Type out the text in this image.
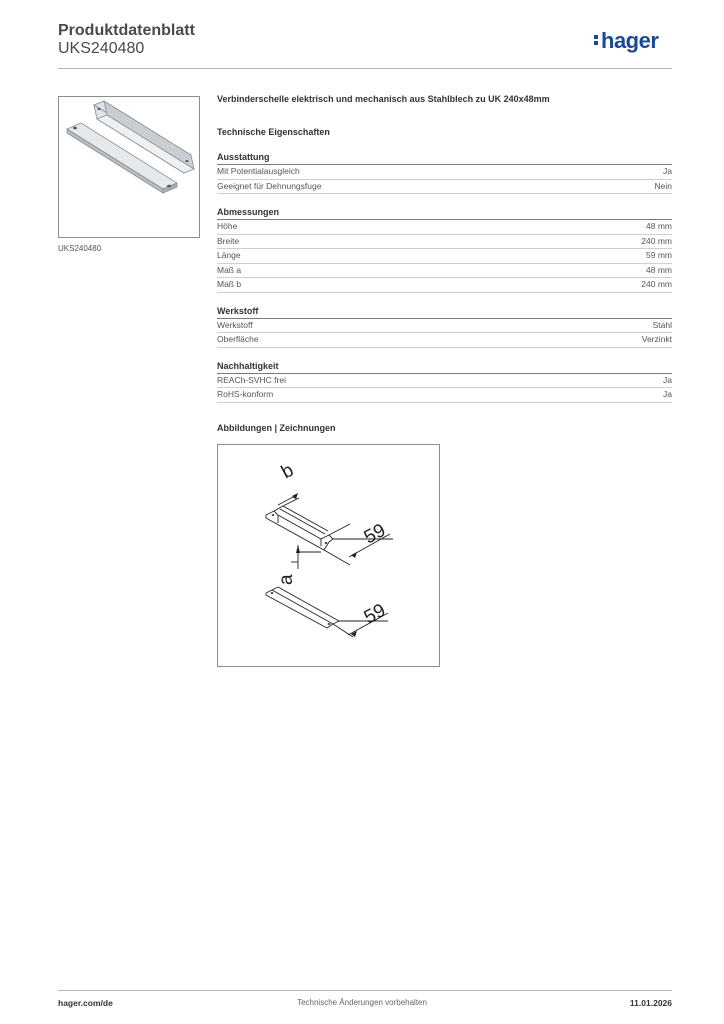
Produktdatenblatt
UKS240480	hager
UKS240480
Verbinderschelle elektrisch und mechanisch aus Stahlblech zu UK 240x48mm
Technische Eigenschaften
Ausstattung
Mit Potentialausgleich	Ja
Geeignet für Dehnungsfuge	Nein
Abmessungen
Höhe	48 mm
Breite	240 mm
Länge	59 mm
Maß a	48 mm
Maß b	240 mm
Werkstoff
Werkstoff	Stahl
Oberfläche	Verzinkt
Nachhaltigkeit
REACh-SVHC frei	Ja
RoHS-konform	Ja
Abbildungen | Zeichnungen
b
a
59
59
hager.com/de	Technische Änderungen vorbehalten	11.01.2026
